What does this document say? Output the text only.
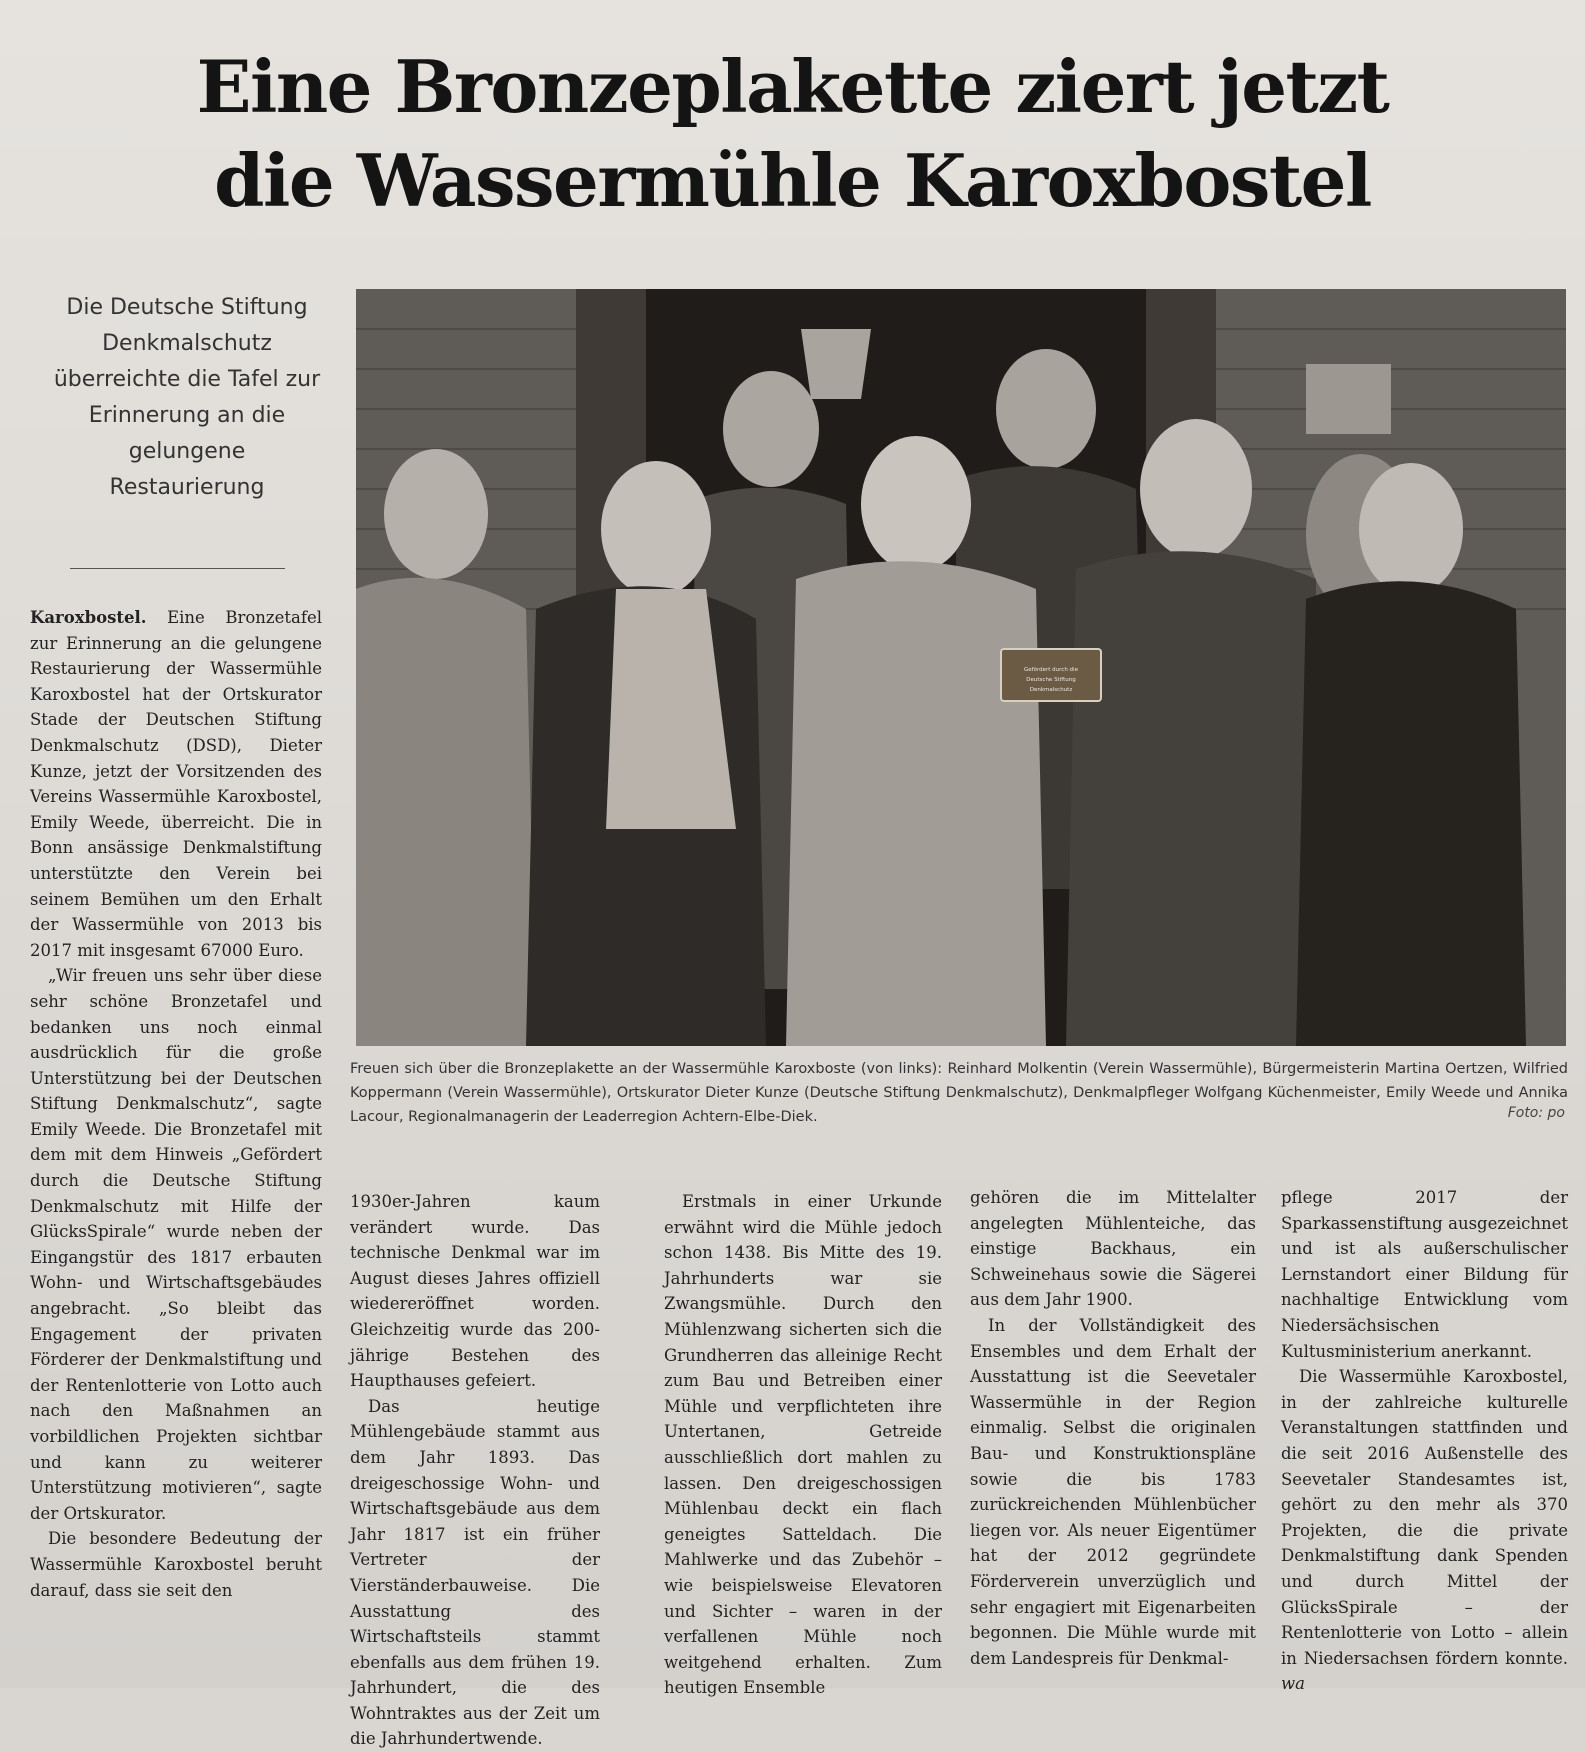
Eine Bronzeplakette ziert jetzt
die Wassermühle Karoxbostel
Die Deutsche Stiftung Denkmalschutz überreichte die Tafel zur Erinnerung an die gelungene Restaurierung
Gefördert durch die
Deutsche Stiftung
Denkmalschutz

Freuen sich über die Bronzeplakette an der Wassermühle Karoxboste (von links): Reinhard Molkentin (Verein Wassermühle), Bürgermeisterin Martina Oertzen, Wilfried Koppermann (Verein Wassermühle), Ortskurator Dieter Kunze (Deutsche Stiftung Denkmalschutz), Denkmalpfleger Wolfgang Küchenmeister, Emily Weede und Annika Lacour, Regionalmanagerin der Leaderregion Achtern-Elbe-Diek.	Foto: po

Karoxbostel. Eine Bronzetafel zur Erinnerung an die gelungene Restaurierung der Wassermühle Karoxbostel hat der Ortskurator Stade der Deutschen Stiftung Denkmalschutz (DSD), Dieter Kunze, jetzt der Vorsitzenden des Vereins Wassermühle Karoxbostel, Emily Weede, überreicht. Die in Bonn ansässige Denkmalstiftung unterstützte den Verein bei seinem Bemühen um den Erhalt der Wassermühle von 2013 bis 2017 mit insgesamt 67000 Euro.

„Wir freuen uns sehr über diese sehr schöne Bronzetafel und bedanken uns noch einmal ausdrücklich für die große Unterstützung bei der Deutschen Stiftung Denkmalschutz“, sagte Emily Weede. Die Bronzetafel mit dem mit dem Hinweis „Gefördert durch die Deutsche Stiftung Denkmalschutz mit Hilfe der GlücksSpirale“ wurde neben der Eingangstür des 1817 erbauten Wohn- und Wirtschaftsgebäudes angebracht. „So bleibt das Engagement der privaten Förderer der Denkmalstiftung und der Rentenlotterie von Lotto auch nach den Maßnahmen an vorbildlichen Projekten sichtbar und kann zu weiterer Unterstützung motivieren“, sagte der Ortskurator.

Die besondere Bedeutung der Wassermühle Karoxbostel beruht darauf, dass sie seit den

1930er-Jahren kaum verändert wurde. Das technische Denkmal war im August dieses Jahres offiziell wiedereröffnet worden. Gleichzeitig wurde das 200-jährige Bestehen des Haupthauses gefeiert.

Das heutige Mühlengebäude stammt aus dem Jahr 1893. Das dreigeschossige Wohn- und Wirtschaftsgebäude aus dem Jahr 1817 ist ein früher Vertreter der Vierständerbauweise. Die Ausstattung des Wirtschaftsteils stammt ebenfalls aus dem frühen 19. Jahrhundert, die des Wohntraktes aus der Zeit um die Jahrhundertwende.

Erstmals in einer Urkunde erwähnt wird die Mühle jedoch schon 1438. Bis Mitte des 19. Jahrhunderts war sie Zwangsmühle. Durch den Mühlenzwang sicherten sich die Grundherren das alleinige Recht zum Bau und Betreiben einer Mühle und verpflichteten ihre Untertanen, Getreide ausschließlich dort mahlen zu lassen. Den dreigeschossigen Mühlenbau deckt ein flach geneigtes Satteldach. Die Mahlwerke und das Zubehör – wie beispielsweise Elevatoren und Sichter – waren in der verfallenen Mühle noch weitgehend erhalten. Zum heutigen Ensemble

gehören die im Mittelalter angelegten Mühlenteiche, das einstige Backhaus, ein Schweinehaus sowie die Sägerei aus dem Jahr 1900.

In der Vollständigkeit des Ensembles und dem Erhalt der Ausstattung ist die Seevetaler Wassermühle in der Region einmalig. Selbst die originalen Bau- und Konstruktionspläne sowie die bis 1783 zurückreichenden Mühlenbücher liegen vor. Als neuer Eigentümer hat der 2012 gegründete Förderverein unverzüglich und sehr engagiert mit Eigenarbeiten begonnen. Die Mühle wurde mit dem Landespreis für Denkmal-

pflege 2017 der Sparkassenstiftung ausgezeichnet und ist als außerschulischer Lernstandort einer Bildung für nachhaltige Entwicklung vom Niedersächsischen Kultusministerium anerkannt.

Die Wassermühle Karoxbostel, in der zahlreiche kulturelle Veranstaltungen stattfinden und die seit 2016 Außenstelle des Seevetaler Standesamtes ist, gehört zu den mehr als 370 Projekten, die die private Denkmalstiftung dank Spenden und durch Mittel der GlücksSpirale – der Rentenlotterie von Lotto – allein in Niedersachsen fördern konnte. wa
